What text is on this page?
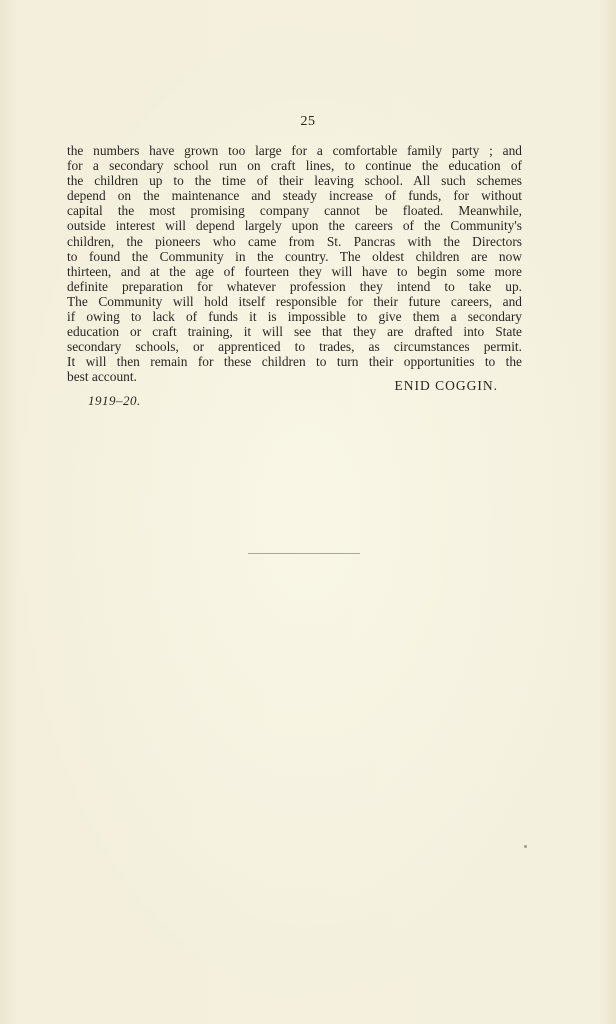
25
the numbers have grown too large for a comfortable family party ; and
for a secondary school run on craft lines, to continue the education of
the children up to the time of their leaving school. All such schemes
depend on the maintenance and steady increase of funds, for without
capital the most promising company cannot be floated. Meanwhile,
outside interest will depend largely upon the careers of the Community's
children, the pioneers who came from St. Pancras with the Directors
to found the Community in the country. The oldest children are now
thirteen, and at the age of fourteen they will have to begin some more
definite preparation for whatever profession they intend to take up.
The Community will hold itself responsible for their future careers, and
if owing to lack of funds it is impossible to give them a secondary
education or craft training, it will see that they are drafted into State
secondary schools, or apprenticed to trades, as circumstances permit.
It will then remain for these children to turn their opportunities to the
best account.
ENID COGGIN.
1919–20.
